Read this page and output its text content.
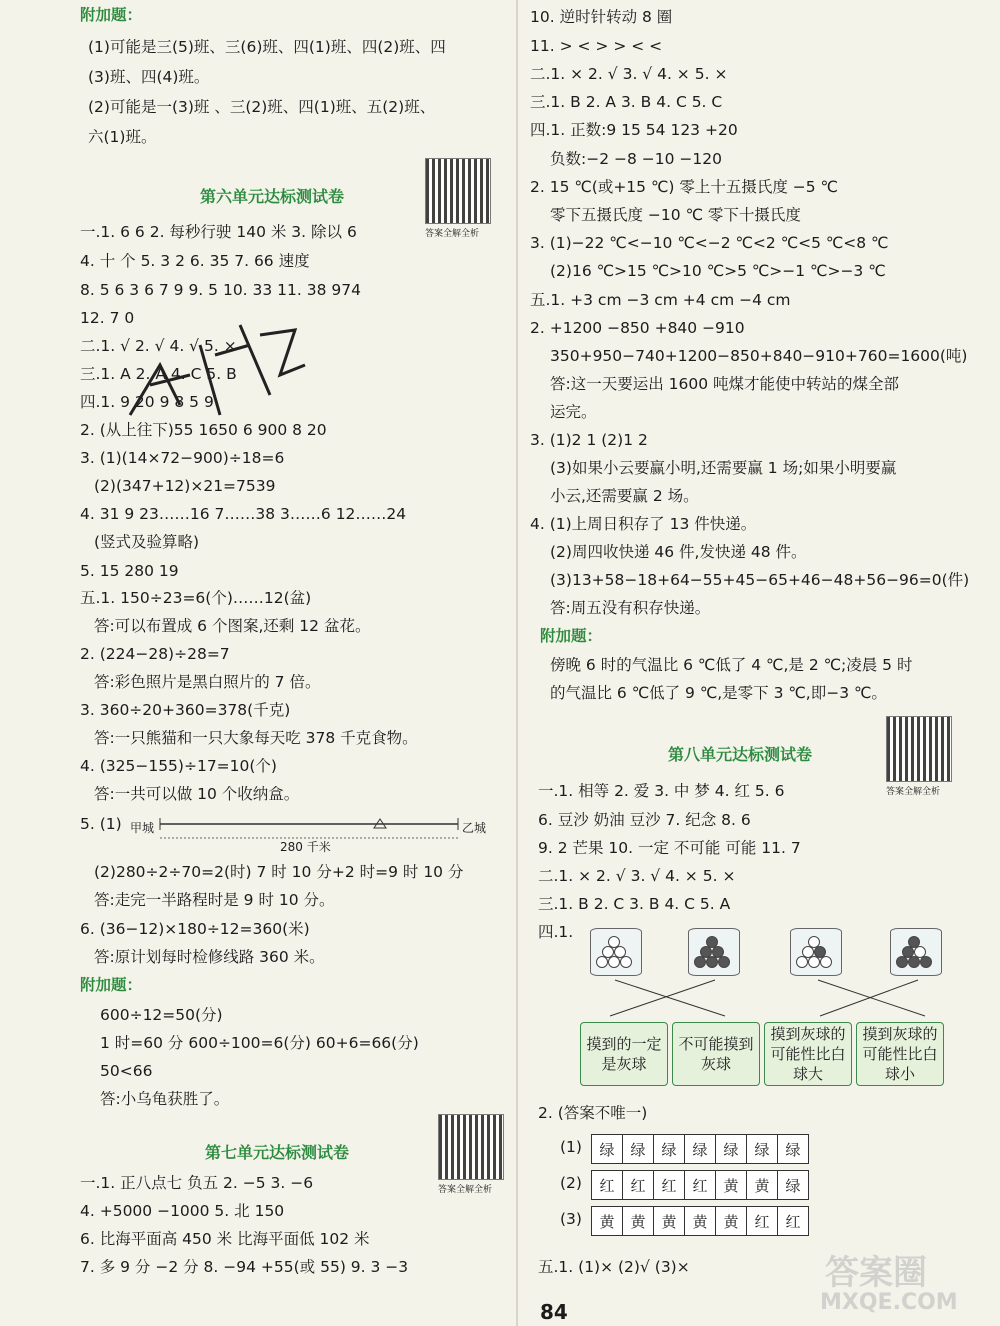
附加题：
(1)可能是三(5)班、三(6)班、四(1)班、四(2)班、四
(3)班、四(4)班。
(2)可能是一(3)班 、三(2)班、四(1)班、五(2)班、
六(1)班。
一.1. 6 6 2. 每秒行驶 140 米 3. 除以 6
4. 十 个 5. 3 2 6. 35 7. 66 速度
8. 5 6 3 6 7 9 9. 5 10. 33 11. 38 974
12. 7 0
二.1. √ 2. √ 4. √ 5. ×
三.1. A 2. A 4. C 5. B
四.1. 9 20 9 8 5 9
2. (从上往下)55 1650 6 900 8 20
3. (1)(14×72−900)÷18=6
(2)(347+12)×21=7539
4. 31 9 23……16 7……38 3……6 12……24
(竖式及验算略)
5. 15 280 19
五.1. 150÷23=6(个)……12(盆)
答:可以布置成 6 个图案,还剩 12 盆花。
2. (224−28)÷28=7
答:彩色照片是黑白照片的 7 倍。
3. 360÷20+360=378(千克)
答:一只熊猫和一只大象每天吃 378 千克食物。
4. (325−155)÷17=10(个)
答:一共可以做 10 个收纳盒。
5. (1)
(2)280÷2÷70=2(时) 7 时 10 分+2 时=9 时 10 分
答:走完一半路程时是 9 时 10 分。
6. (36−12)×180÷12=360(米)
答:原计划每时检修线路 360 米。
附加题：
600÷12=50(分)
1 时=60 分 600÷100=6(分) 60+6=66(分)
50<66
答:小乌龟获胜了。
一.1. 正八点七 负五 2. −5 3. −6
4. +5000 −1000 5. 北 150
6. 比海平面高 450 米 比海平面低 102 米
7. 多 9 分 −2 分 8. −94 +55(或 55) 9. 3 −3
10. 逆时针转动 8 圈
11. > < > > < <
二.1. × 2. √ 3. √ 4. × 5. ×
三.1. B 2. A 3. B 4. C 5. C
四.1. 正数:9 15 54 123 +20
负数:−2 −8 −10 −120
2. 15 ℃(或+15 ℃) 零上十五摄氏度 −5 ℃
零下五摄氏度 −10 ℃ 零下十摄氏度
3. (1)−22 ℃<−10 ℃<−2 ℃<2 ℃<5 ℃<8 ℃
(2)16 ℃>15 ℃>10 ℃>5 ℃>−1 ℃>−3 ℃
五.1. +3 cm −3 cm +4 cm −4 cm
2. +1200 −850 +840 −910
350+950−740+1200−850+840−910+760=1600(吨)
答:这一天要运出 1600 吨煤才能使中转站的煤全部
运完。
3. (1)2 1 (2)1 2
(3)如果小云要赢小明,还需要赢 1 场;如果小明要赢
小云,还需要赢 2 场。
4. (1)上周日积存了 13 件快递。
(2)周四收快递 46 件,发快递 48 件。
(3)13+58−18+64−55+45−65+46−48+56−96=0(件)
答:周五没有积存快递。
附加题：
傍晚 6 时的气温比 6 ℃低了 4 ℃,是 2 ℃;凌晨 5 时
的气温比 6 ℃低了 9 ℃,是零下 3 ℃,即−3 ℃。
一.1. 相等 2. 爱 3. 中 梦 4. 红 5. 6
6. 豆沙 奶油 豆沙 7. 纪念 8. 6
9. 2 芒果 10. 一定 不可能 可能 11. 7
二.1. × 2. √ 3. √ 4. × 5. ×
三.1. B 2. C 3. B 4. C 5. A
四.1.
2. (答案不唯一)
五.1. (1)× (2)√ (3)×
第六单元达标测试卷
第七单元达标测试卷
第八单元达标测试卷
答案全解全析
答案全解全析
答案全解全析
甲城	乙城
280 千米
摸到的一定是灰球
不可能摸到灰球
摸到灰球的可能性比白球大
摸到灰球的可能性比白球小
(1)	绿	绿	绿	绿	绿	绿	绿
(2)	红	红	红	红	黄	黄	绿
(3)	黄	黄	黄	黄	黄	红	红
84
答案圈
MXQE.COM
